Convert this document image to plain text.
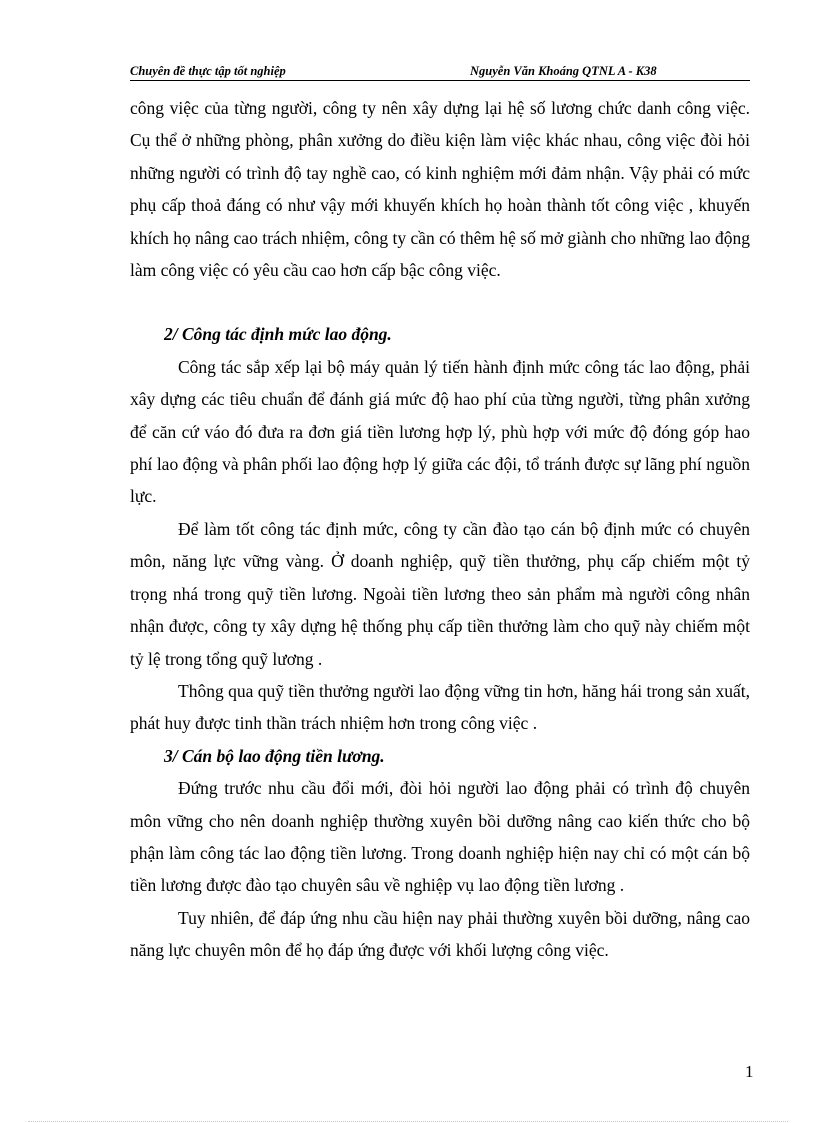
Chuyên đề thực tập tốt nghiệp	Nguyễn Văn Khoáng QTNL A - K38

công việc của từng người, công ty nên xây dựng lại hệ số lương chức danh công việc. Cụ thể ở những phòng, phân xưởng do điều kiện làm việc khác nhau, công việc đòi hỏi những người có trình độ tay nghề cao, có kinh nghiệm mới đảm nhận. Vậy phải có mức phụ cấp thoả đáng có như vậy mới khuyến khích họ hoàn thành tốt công việc , khuyến khích họ nâng cao trách nhiệm, công ty cần có thêm hệ số mở giành cho những lao động làm công việc có yêu cầu cao hơn cấp bậc công việc.

2/ Công tác định mức lao động.

Công tác sắp xếp lại bộ máy quản lý tiến hành định mức công tác lao động, phải xây dựng các tiêu chuẩn để đánh giá mức độ hao phí của từng người, từng phân xưởng để căn cứ váo đó đưa ra đơn giá tiền lương hợp lý, phù hợp với mức độ đóng góp hao phí lao động và phân phối lao động hợp lý giữa các đội, tổ tránh được sự lãng phí nguồn lực.

Để làm tốt công tác định mức, công ty cần đào tạo cán bộ định mức có chuyên môn, năng lực vững vàng. Ở doanh nghiệp, quỹ tiền thưởng, phụ cấp chiếm một tỷ trọng nhá trong quỹ tiền lương. Ngoài tiền lương theo sản phẩm mà người công nhân nhận được, công ty xây dựng hệ thống phụ cấp tiền thưởng làm cho quỹ này chiếm một tỷ lệ trong tổng quỹ lương .

Thông qua quỹ tiền thưởng người lao động vững tin hơn, hăng hái trong sản xuất, phát huy được tinh thần trách nhiệm hơn trong công việc .

3/ Cán bộ lao động tiền lương.

Đứng trước nhu cầu đổi mới, đòi hỏi người lao động phải có trình độ chuyên môn vững cho nên doanh nghiệp thường xuyên bồi dưỡng nâng cao kiến thức cho bộ phận làm công tác lao động tiền lương. Trong doanh nghiệp hiện nay chỉ có một cán bộ tiền lương được đào tạo chuyên sâu về nghiệp vụ lao động tiền lương .

Tuy nhiên, để đáp ứng nhu cầu hiện nay phải thường xuyên bồi dưỡng, nâng cao năng lực chuyên môn để họ đáp ứng được với khối lượng công việc.

1
